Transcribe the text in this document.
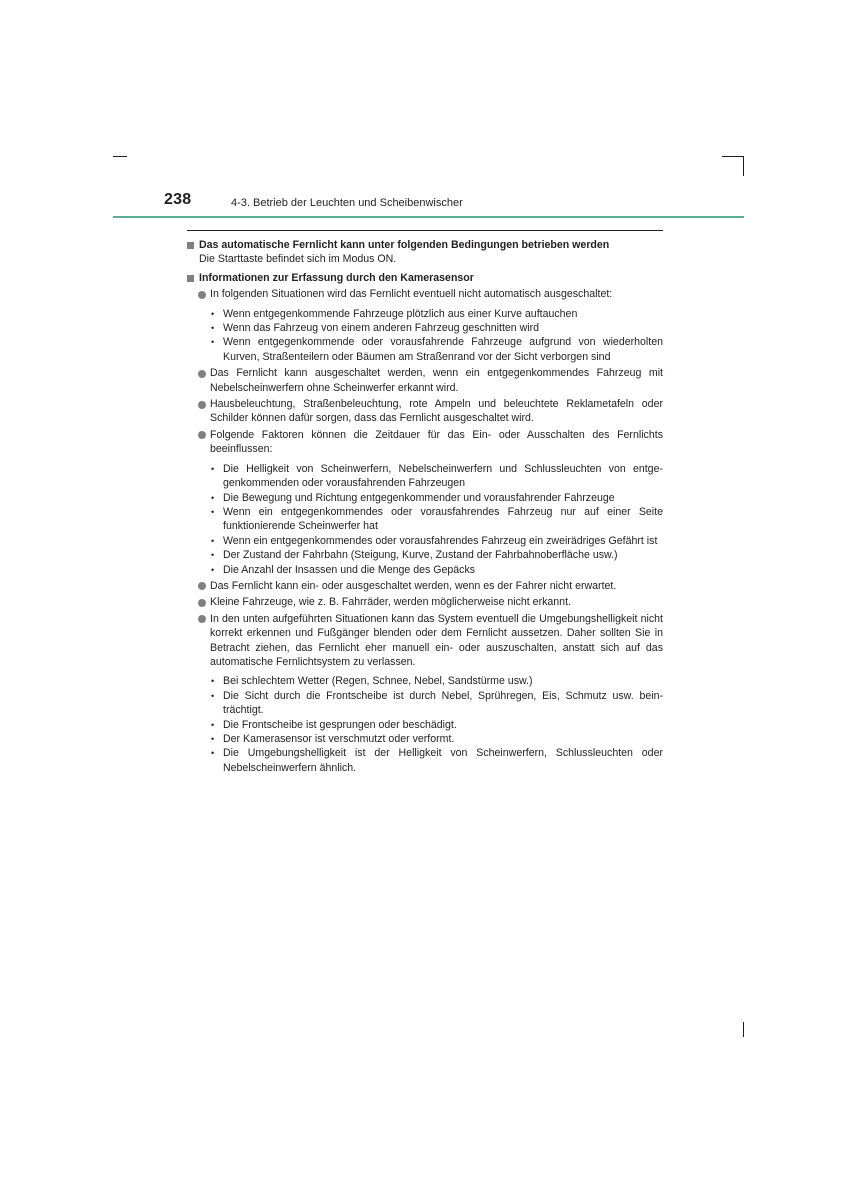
238	4-3. Betrieb der Leuchten und Scheibenwischer
Das automatische Fernlicht kann unter folgenden Bedingungen betrieben werden
Die Starttaste befindet sich im Modus ON.
Informationen zur Erfassung durch den Kamerasensor
In folgenden Situationen wird das Fernlicht eventuell nicht automatisch ausgeschaltet:
• Wenn entgegenkommende Fahrzeuge plötzlich aus einer Kurve auftauchen
• Wenn das Fahrzeug von einem anderen Fahrzeug geschnitten wird
• Wenn entgegenkommende oder vorausfahrende Fahrzeuge aufgrund von wiederholten Kurven, Straßenteilern oder Bäumen am Straßenrand vor der Sicht verborgen sind
Das Fernlicht kann ausgeschaltet werden, wenn ein entgegenkommendes Fahrzeug mit Nebelscheinwerfern ohne Scheinwerfer erkannt wird.
Hausbeleuchtung, Straßenbeleuchtung, rote Ampeln und beleuchtete Reklametafeln oder Schilder können dafür sorgen, dass das Fernlicht ausgeschaltet wird.
Folgende Faktoren können die Zeitdauer für das Ein- oder Ausschalten des Fernlichts beeinflussen:
• Die Helligkeit von Scheinwerfern, Nebelscheinwerfern und Schlussleuchten von entge-genkommenden oder vorausfahrenden Fahrzeugen
• Die Bewegung und Richtung entgegenkommender und vorausfahrender Fahrzeuge
• Wenn ein entgegenkommendes oder vorausfahrendes Fahrzeug nur auf einer Seite funktionierende Scheinwerfer hat
• Wenn ein entgegenkommendes oder vorausfahrendes Fahrzeug ein zweirädriges Gefährt ist
• Der Zustand der Fahrbahn (Steigung, Kurve, Zustand der Fahrbahnoberfläche usw.)
• Die Anzahl der Insassen und die Menge des Gepäcks
Das Fernlicht kann ein- oder ausgeschaltet werden, wenn es der Fahrer nicht erwartet.
Kleine Fahrzeuge, wie z. B. Fahrräder, werden möglicherweise nicht erkannt.
In den unten aufgeführten Situationen kann das System eventuell die Umgebungshelligkeit nicht korrekt erkennen und Fußgänger blenden oder dem Fernlicht aussetzen. Daher sollten Sie in Betracht ziehen, das Fernlicht eher manuell ein- oder auszuschalten, anstatt sich auf das automatische Fernlichtsystem zu verlassen.
• Bei schlechtem Wetter (Regen, Schnee, Nebel, Sandstürme usw.)
• Die Sicht durch die Frontscheibe ist durch Nebel, Sprühregen, Eis, Schmutz usw. bein-trächtigt.
• Die Frontscheibe ist gesprungen oder beschädigt.
• Der Kamerasensor ist verschmutzt oder verformt.
• Die Umgebungshelligkeit ist der Helligkeit von Scheinwerfern, Schlussleuchten oder Nebelscheinwerfern ähnlich.
